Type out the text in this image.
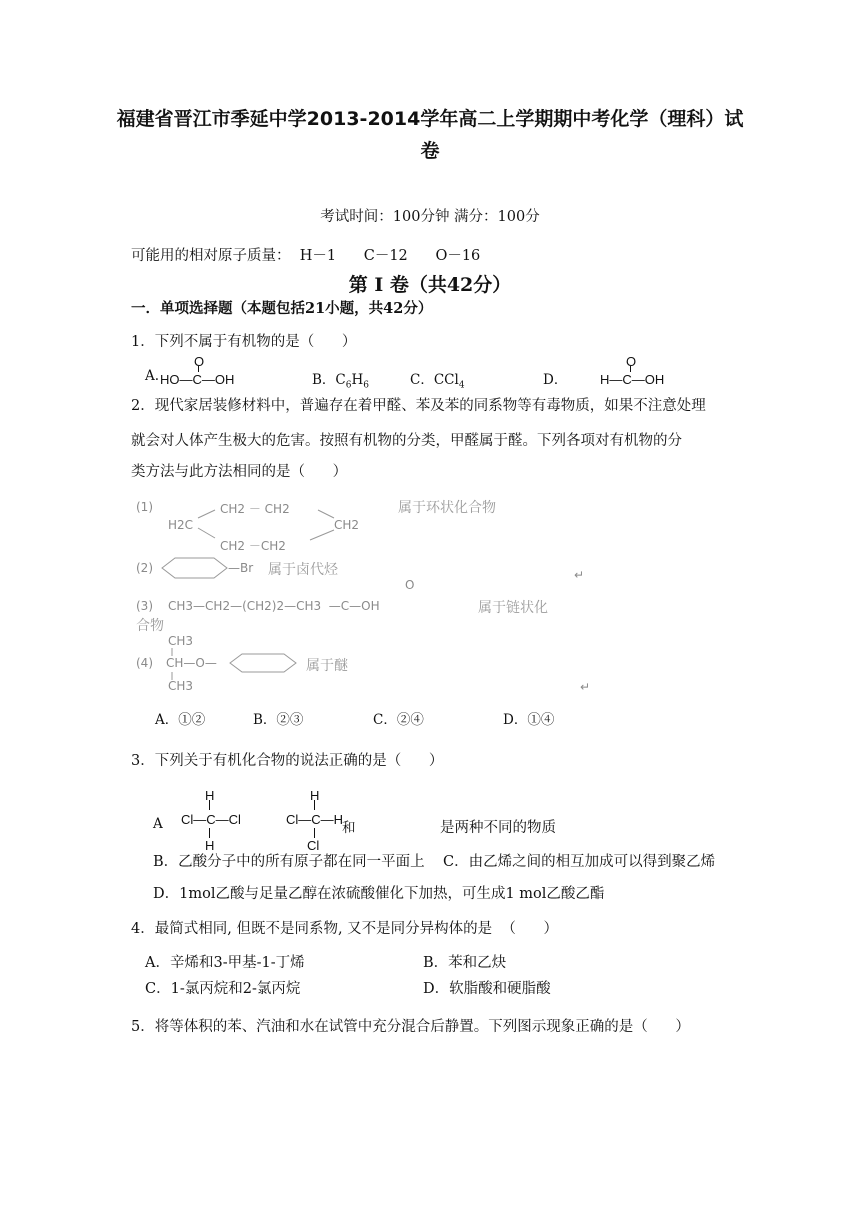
福建省晋江市季延中学2013-2014学年高二上学期期中考化学（理科）试
卷
考试时间：100分钟 满分：100分
可能用的相对原子质量：  H－1      C－12      O－16
第 Ⅰ 卷（共42分）
一．单项选择题（本题包括21小题，共42分）
1．下列不属于有机物的是（      ）
O
A. HO—C—OH	B．$C_6H_6$	C．CCl$_4$	D．
O
H—C—OH
2．现代家居装修材料中，普遍存在着甲醛、苯及苯的同系物等有毒物质，如果不注意处理
就会对人体产生极大的危害。按照有机物的分类，甲醛属于醛。下列各项对有机物的分
类方法与此方法相同的是（      ）
(1)	CH2 － CH2
H2C	CH2
CH2 －CH2
属于环状化合物
(2)	—Br 属于卤代烃	↵
O
(3) CH3—CH2—(CH2)2—CH3  —C—OH	属于链状化
合物
CH3
(4) CH—O—
CH3
属于醚
↵
A．①②	B．②③	C．②④	D．①④
3．下列关于有机化合物的说法正确的是（      ）
H
Cl—C—Cl
H
A
H
Cl—C—H
和
Cl
是两种不同的物质
B．乙酸分子中的所有原子都在同一平面上 C．由乙烯之间的相互加成可以得到聚乙烯
D．1mol乙酸与足量乙醇在浓硫酸催化下加热，可生成1 mol乙酸乙酯
4．最简式相同, 但既不是同系物, 又不是同分异构体的是  （      ）
A．辛烯和3-甲基-1-丁烯	B．苯和乙炔
C．1-氯丙烷和2-氯丙烷	D．软脂酸和硬脂酸
5．将等体积的苯、汽油和水在试管中充分混合后静置。下列图示现象正确的是（      ）
